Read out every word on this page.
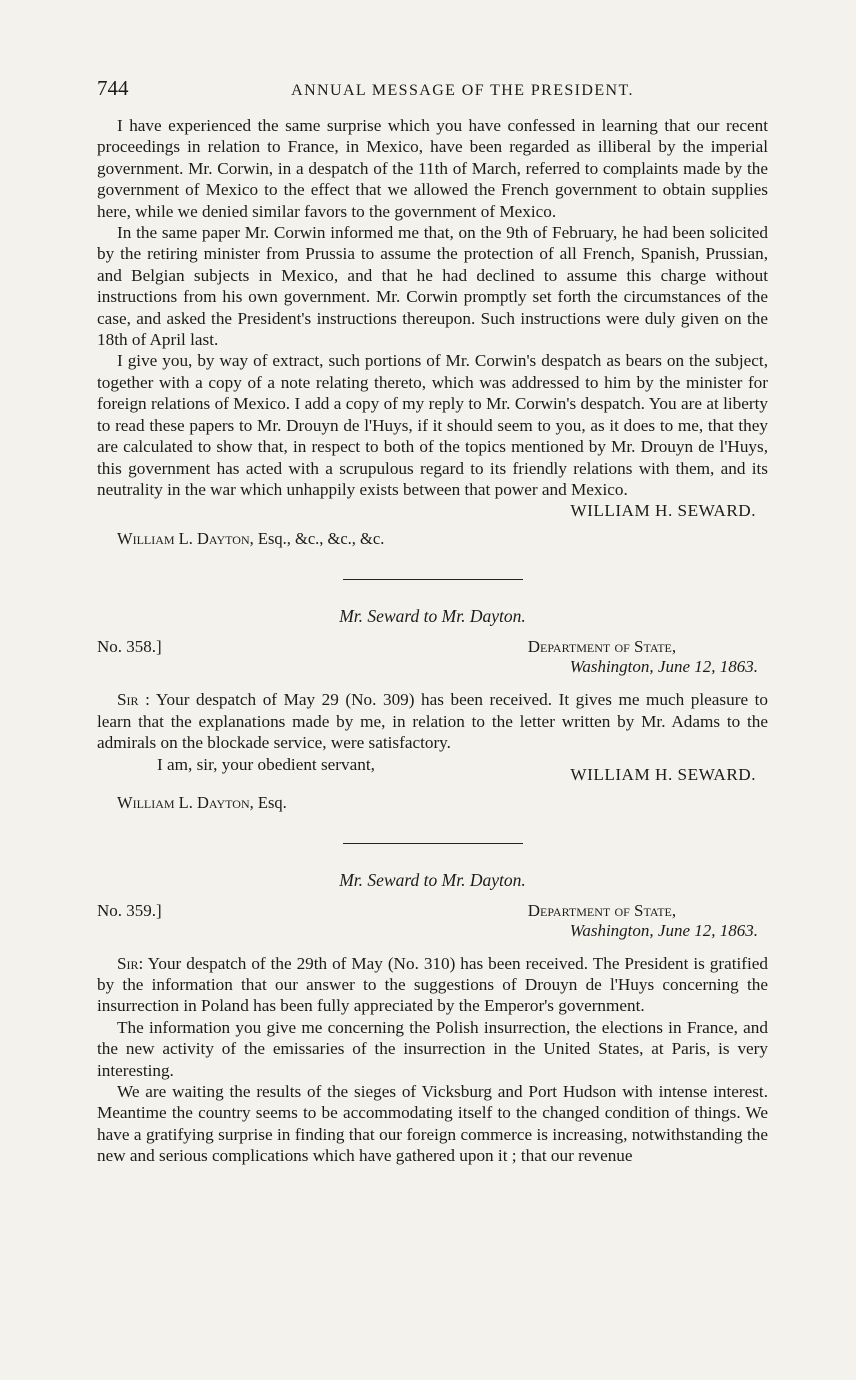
744	ANNUAL MESSAGE OF THE PRESIDENT.

I have experienced the same surprise which you have confessed in learning that our recent proceedings in relation to France, in Mexico, have been regarded as illiberal by the imperial government. Mr. Corwin, in a despatch of the 11th of March, referred to complaints made by the government of Mexico to the effect that we allowed the French government to obtain supplies here, while we denied similar favors to the government of Mexico.

In the same paper Mr. Corwin informed me that, on the 9th of February, he had been solicited by the retiring minister from Prussia to assume the protection of all French, Spanish, Prussian, and Belgian subjects in Mexico, and that he had declined to assume this charge without instructions from his own government. Mr. Corwin promptly set forth the circumstances of the case, and asked the President's instructions thereupon. Such instructions were duly given on the 18th of April last.

I give you, by way of extract, such portions of Mr. Corwin's despatch as bears on the subject, together with a copy of a note relating thereto, which was addressed to him by the minister for foreign relations of Mexico. I add a copy of my reply to Mr. Corwin's despatch. You are at liberty to read these papers to Mr. Drouyn de l'Huys, if it should seem to you, as it does to me, that they are calculated to show that, in respect to both of the topics mentioned by Mr. Drouyn de l'Huys, this government has acted with a scrupulous regard to its friendly relations with them, and its neutrality in the war which unhappily exists between that power and Mexico.

WILLIAM H. SEWARD.
William L. Dayton, Esq., &c., &c., &c.
Mr. Seward to Mr. Dayton.
No. 358.]	Department of State,
Washington, June 12, 1863.

Sir : Your despatch of May 29 (No. 309) has been received. It gives me much pleasure to learn that the explanations made by me, in relation to the letter written by Mr. Adams to the admirals on the blockade service, were satisfactory.

I am, sir, your obedient servant,
WILLIAM H. SEWARD.
William L. Dayton, Esq.
Mr. Seward to Mr. Dayton.
No. 359.]	Department of State,
Washington, June 12, 1863.

Sir: Your despatch of the 29th of May (No. 310) has been received. The President is gratified by the information that our answer to the suggestions of Drouyn de l'Huys concerning the insurrection in Poland has been fully appreciated by the Emperor's government.

The information you give me concerning the Polish insurrection, the elections in France, and the new activity of the emissaries of the insurrection in the United States, at Paris, is very interesting.

We are waiting the results of the sieges of Vicksburg and Port Hudson with intense interest. Meantime the country seems to be accommodating itself to the changed condition of things. We have a gratifying surprise in finding that our foreign commerce is increasing, notwithstanding the new and serious complications which have gathered upon it ; that our revenue
